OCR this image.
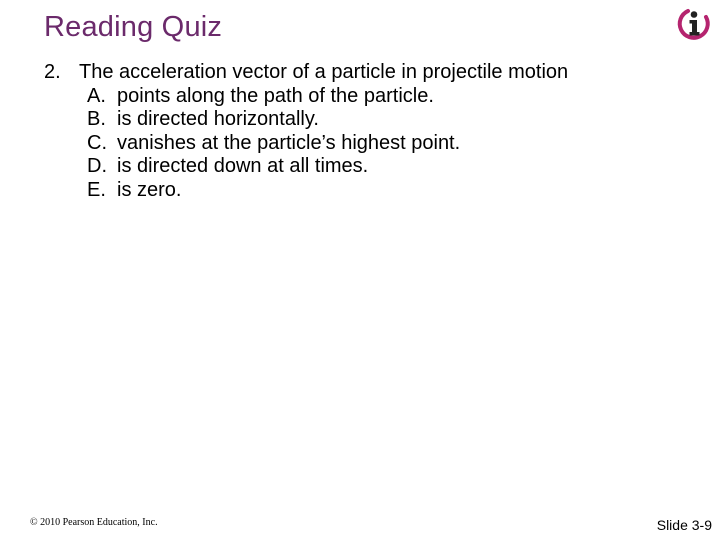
Reading Quiz
2. The acceleration vector of a particle in projectile motion
A. points along the path of the particle.
B. is directed horizontally.
C. vanishes at the particle’s highest point.
D. is directed down at all times.
E. is zero.
© 2010 Pearson Education, Inc.	Slide 3-9
